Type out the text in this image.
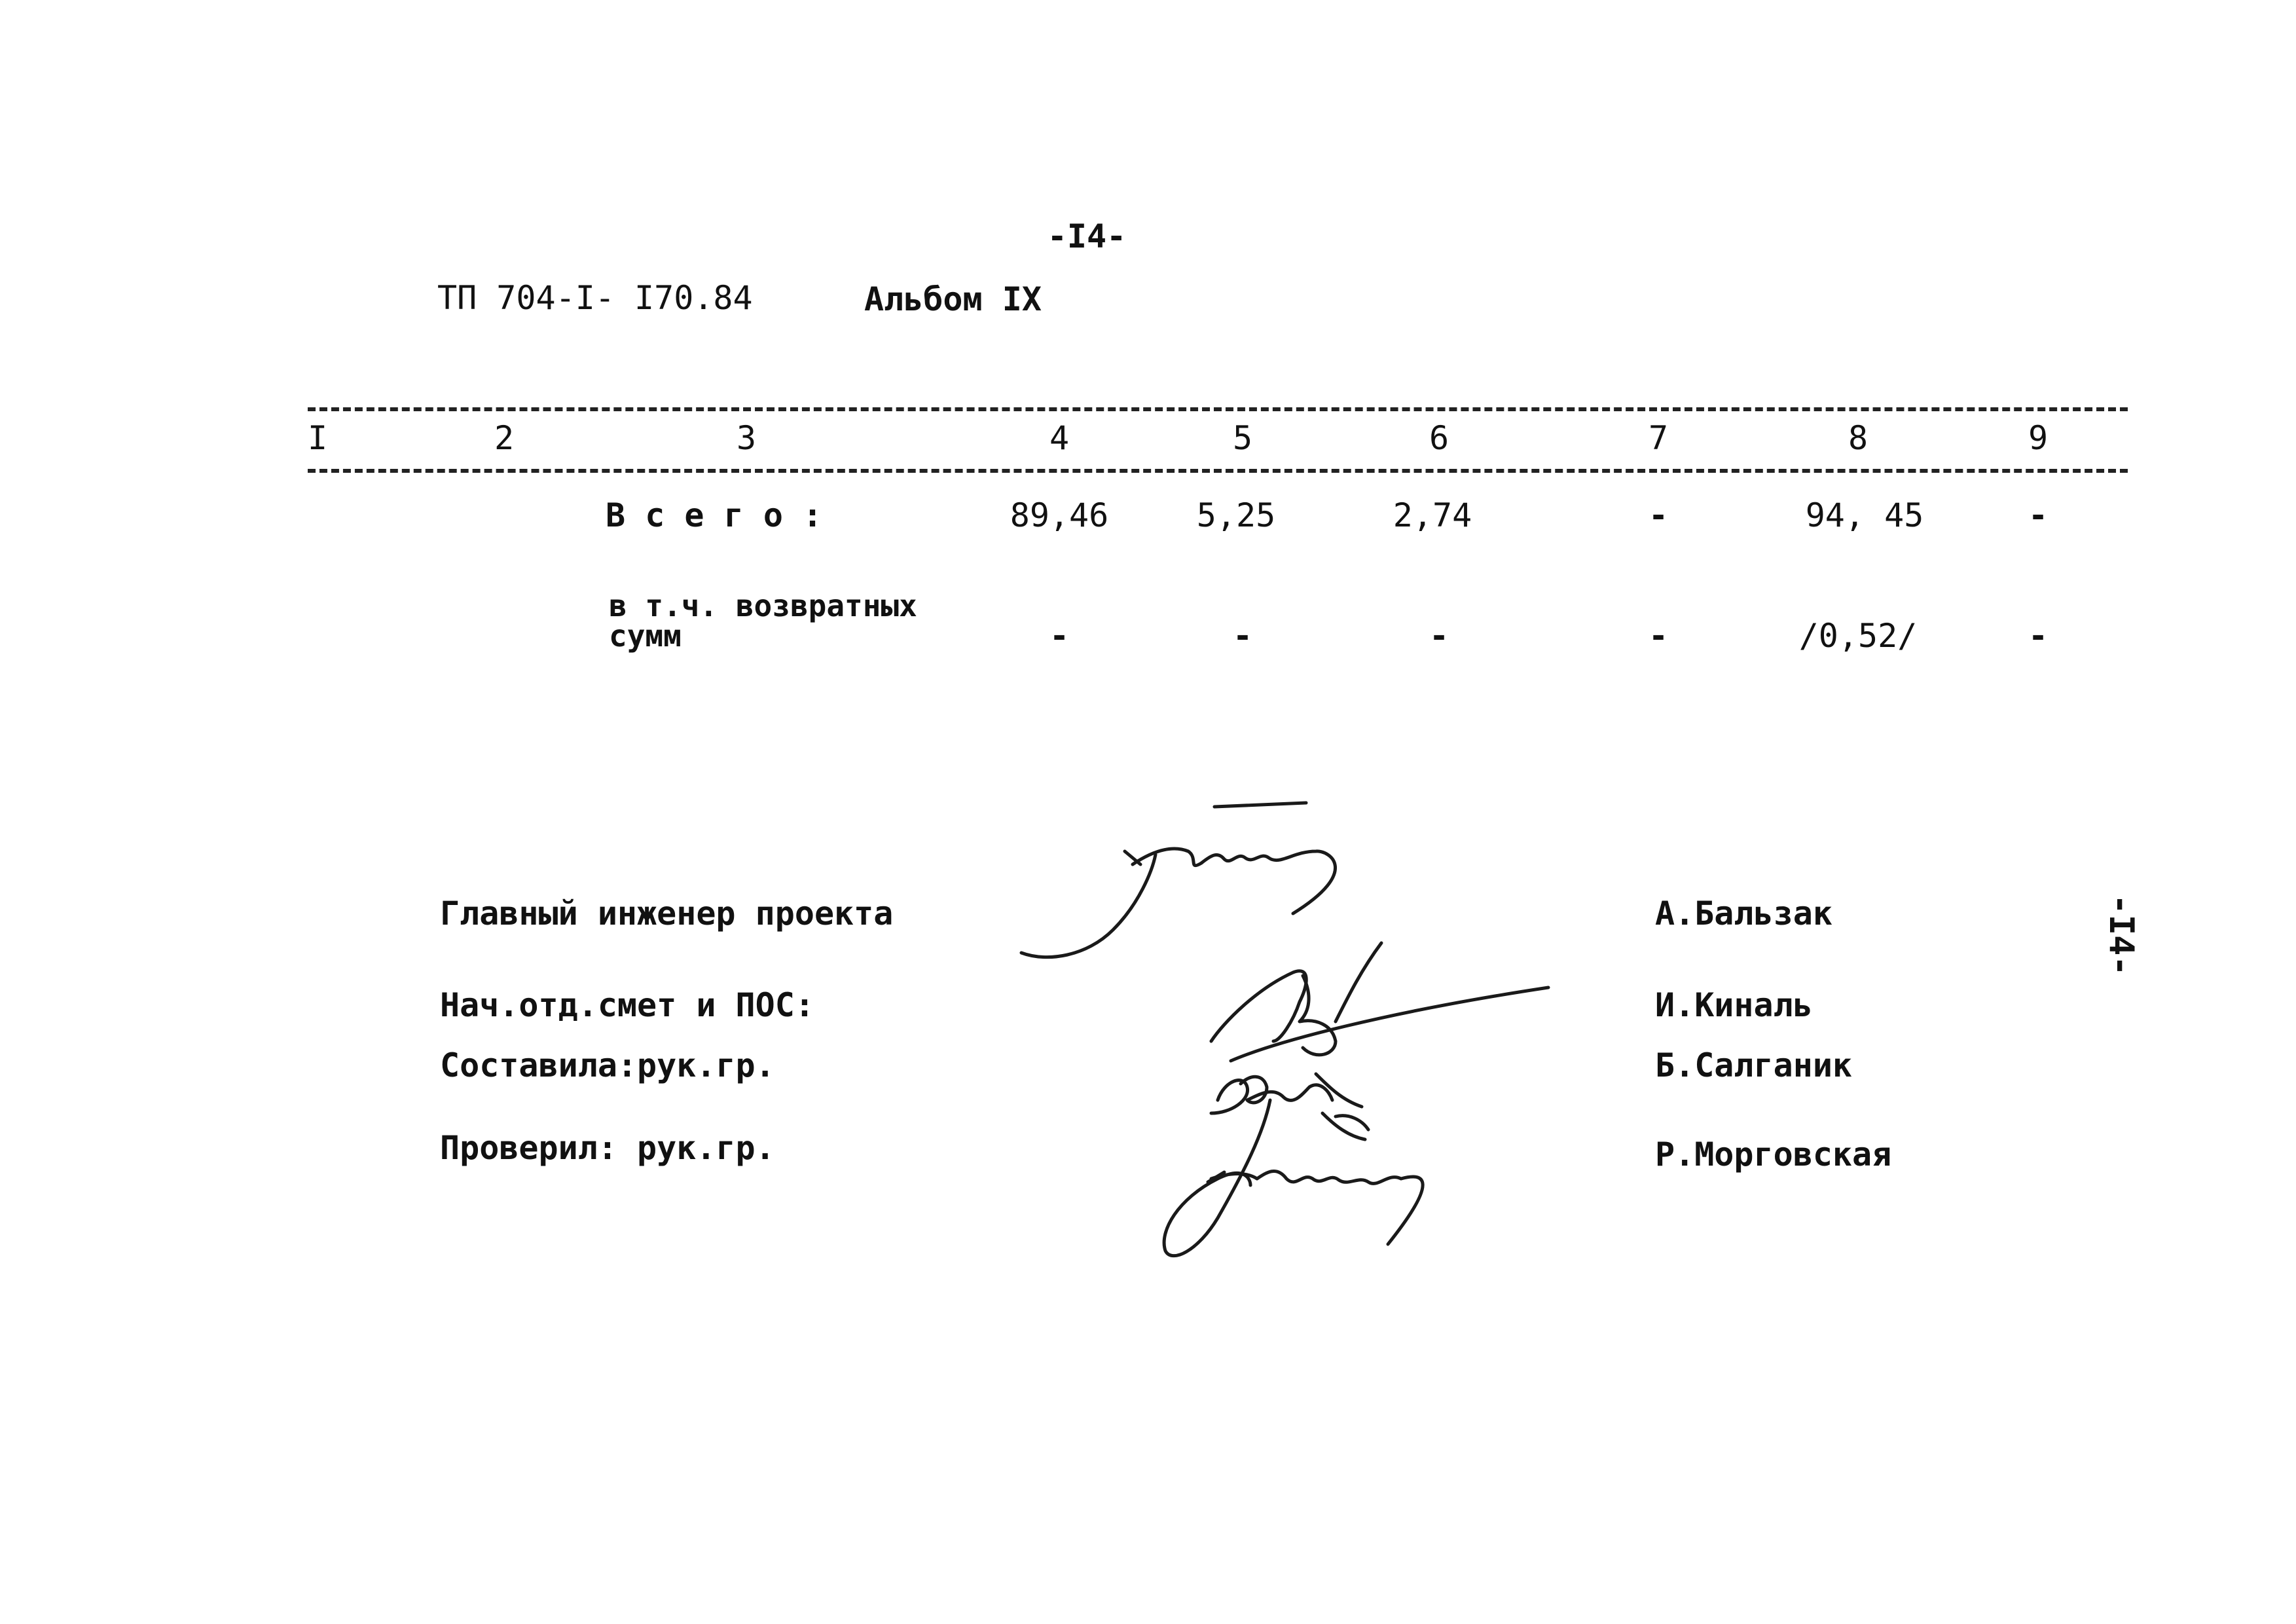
-I4-
ТП 704-I- I70.84	Альбом IX
I	2	3	4	5	6	7	8	9
В с е г о :	89,46	5,25	2,74	-	94, 45	-
в т.ч. возвратных
сумм	-	-	-	-	/0,52/	-
Главный инженер проекта	А.Бальзак
Нач.отд.смет и ПОС:	И.Киналь
Составила:рук.гр.	Б.Салганик
Проверил: рук.гр.	Р.Морговская
-I4-
